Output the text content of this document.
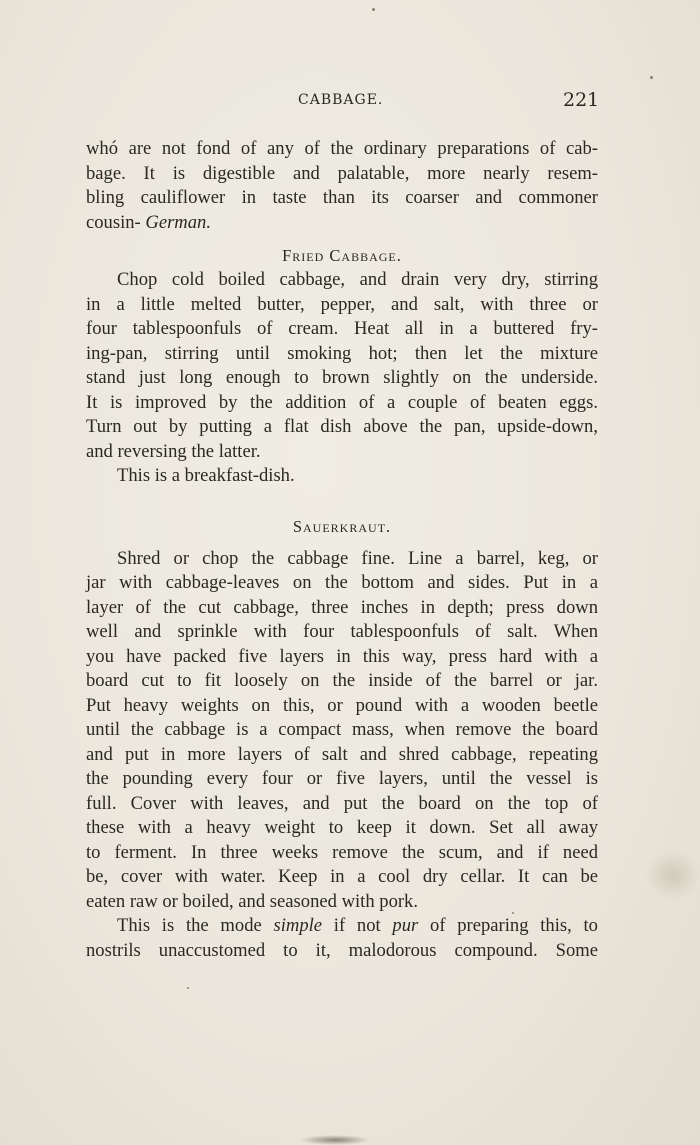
CABBAGE.	221
whó are not fond of any of the ordinary preparations of cab-
bage. It is digestible and palatable, more nearly resem-
bling cauliflower in taste than its coarser and commoner
cousin- German.
Fried Cabbage.
Chop cold boiled cabbage, and drain very dry, stirring
in a little melted butter, pepper, and salt, with three or
four tablespoonfuls of cream. Heat all in a buttered fry-
ing-pan, stirring until smoking hot; then let the mixture
stand just long enough to brown slightly on the underside.
It is improved by the addition of a couple of beaten eggs.
Turn out by putting a flat dish above the pan, upside-down,
and reversing the latter.
This is a breakfast-dish.
Sauerkraut.
Shred or chop the cabbage fine. Line a barrel, keg, or
jar with cabbage-leaves on the bottom and sides. Put in a
layer of the cut cabbage, three inches in depth; press down
well and sprinkle with four tablespoonfuls of salt. When
you have packed five layers in this way, press hard with a
board cut to fit loosely on the inside of the barrel or jar.
Put heavy weights on this, or pound with a wooden beetle
until the cabbage is a compact mass, when remove the board
and put in more layers of salt and shred cabbage, repeating
the pounding every four or five layers, until the vessel is
full. Cover with leaves, and put the board on the top of
these with a heavy weight to keep it down. Set all away
to ferment. In three weeks remove the scum, and if need
be, cover with water. Keep in a cool dry cellar. It can be
eaten raw or boiled, and seasoned with pork.
This is the mode simple if not pur of preparing this, to
nostrils unaccustomed to it, malodorous compound. Some
